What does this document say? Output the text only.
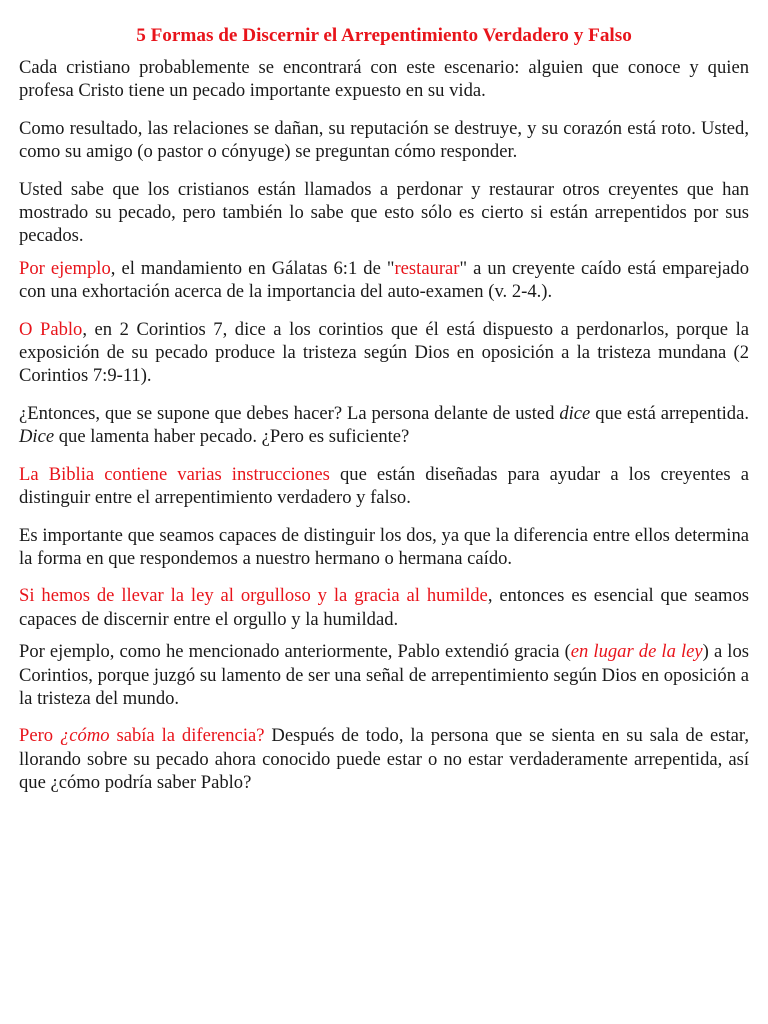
5 Formas de Discernir el Arrepentimiento Verdadero y Falso

Cada cristiano probablemente se encontrará con este escenario: alguien que conoce y quien profesa Cristo tiene un pecado importante expuesto en su vida.

Como resultado, las relaciones se dañan, su reputación se destruye, y su corazón está roto. Usted, como su amigo (o pastor o cónyuge) se preguntan cómo responder.

Usted sabe que los cristianos están llamados a perdonar y restaurar otros creyentes que han mostrado su pecado, pero también lo sabe que esto sólo es cierto si están arrepentidos por sus pecados.

Por ejemplo, el mandamiento en Gálatas 6:1 de "restaurar" a un creyente caído está emparejado con una exhortación acerca de la importancia del auto-examen (v. 2-4.).

O Pablo, en 2 Corintios 7, dice a los corintios que él está dispuesto a perdonarlos, porque la exposición de su pecado produce la tristeza según Dios en oposición a la tristeza mundana (2 Corintios 7:9-11).

¿Entonces, que se supone que debes hacer? La persona delante de usted dice que está arrepentida. Dice que lamenta haber pecado. ¿Pero es suficiente?

La Biblia contiene varias instrucciones que están diseñadas para ayudar a los creyentes a distinguir entre el arrepentimiento verdadero y falso.

Es importante que seamos capaces de distinguir los dos, ya que la diferencia entre ellos determina la forma en que respondemos a nuestro hermano o hermana caído.

Si hemos de llevar la ley al orgulloso y la gracia al humilde, entonces es esencial que seamos capaces de discernir entre el orgullo y la humildad.

Por ejemplo, como he mencionado anteriormente, Pablo extendió gracia (en lugar de la ley) a los Corintios, porque juzgó su lamento de ser una señal de arrepentimiento según Dios en oposición a la tristeza del mundo.

Pero ¿cómo sabía la diferencia? Después de todo, la persona que se sienta en su sala de estar, llorando sobre su pecado ahora conocido puede estar o no estar verdaderamente arrepentida, así que ¿cómo podría saber Pablo?
